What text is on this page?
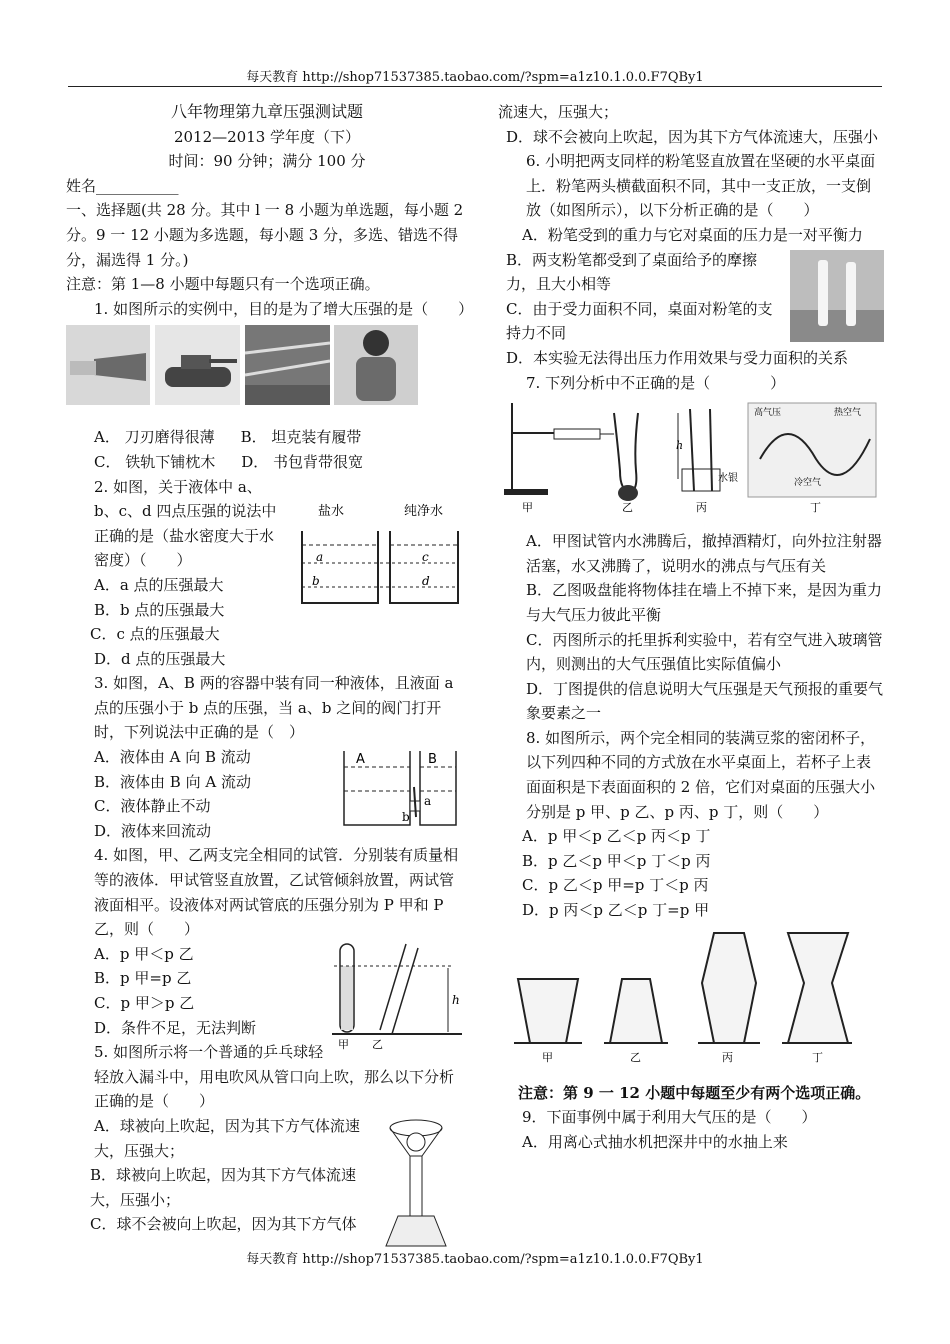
每天教育 http://shop71537385.taobao.com/?spm=a1z10.1.0.0.F7QBy1

八年物理第九章压强测试题

2012—2013 学年度（下）

时间：90 分钟；满分 100 分

姓名___________

一、选择题(共 28 分。其中 l 一 8 小题为单选题，每小题 2 分。9 一 12 小题为多选题，每小题 3 分，多选、错选不得分，漏选得 1 分。)

注意：第 1—8 小题中每题只有一个选项正确。

1. 如图所示的实例中，目的是为了增大压强的是（　　）

A． 刀刃磨得很薄 B． 坦克装有履带

C． 铁轨下铺枕木 D． 书包背带很宽

盐水	纯净水
a
b
c
d

2. 如图，关于液体中 a、b、c、d 四点压强的说法中正确的是（盐水密度大于水密度）（　　）

A．a 点的压强最大

B．b 点的压强最大

C．c 点的压强最大

D．d 点的压强最大

3. 如图，A、B 两的容器中装有同一种液体，且液面 a 点的压强小于 b 点的压强，当 a、b 之间的阀门打开时，下列说法中正确的是（　）

A	B
a
b

A．液体由 A 向 B 流动

B．液体由 B 向 A 流动

C．液体静止不动

D．液体来回流动

4. 如图，甲、乙两支完全相同的试管．分别装有质量相等的液体．甲试管竖直放置，乙试管倾斜放置，两试管液面相平。设液体对两试管底的压强分别为 P 甲和 P 乙，则（　　）

h
甲 乙

A．p 甲＜p 乙

B．p 甲=p 乙

C．p 甲＞p 乙

D．条件不足，无法判断

5. 如图所示将一个普通的乒乓球轻轻放入漏斗中，用电吹风从管口向上吹，那么以下分析正确的是（　　）

A．球被向上吹起，因为其下方气体流速大，压强大；

B．球被向上吹起，因为其下方气体流速大，压强小；

C．球不会被向上吹起，因为其下方气体

流速大，压强大；

D．球不会被向上吹起，因为其下方气体流速大，压强小

6. 小明把两支同样的粉笔竖直放置在坚硬的水平桌面上．粉笔两头横截面积不同，其中一支正放，一支倒放（如图所示），以下分析正确的是（　　）

A．粉笔受到的重力与它对桌面的压力是一对平衡力

B．两支粉笔都受到了桌面给予的摩擦力，且大小相等

C．由于受力面积不同，桌面对粉笔的支持力不同

D．本实验无法得出压力作用效果与受力面积的关系

7. 下列分析中不正确的是（　　　　）

h
水银
高气压	热空气
冷空气
甲	乙	丙	丁

A．甲图试管内水沸腾后，撤掉酒精灯，向外拉注射器活塞，水又沸腾了，说明水的沸点与气压有关

B．乙图吸盘能将物体挂在墙上不掉下来，是因为重力与大气压力彼此平衡

C．丙图所示的托里拆利实验中，若有空气进入玻璃管内，则测出的大气压强值比实际值偏小

D．丁图提供的信息说明大气压强是天气预报的重要气象要素之一

8. 如图所示，两个完全相同的装满豆浆的密闭杯子，以下列四种不同的方式放在水平桌面上，若杯子上表面面积是下表面面积的 2 倍，它们对桌面的压强大小分别是 p 甲、p 乙、p 丙、p 丁，则（　　）

A．p 甲＜p 乙＜p 丙＜p 丁

B．p 乙＜p 甲＜p 丁＜p 丙

C．p 乙＜p 甲=p 丁＜p 丙

D．p 丙＜p 乙＜p 丁=p 甲

甲	乙	丙	丁

注意：第 9 一 12 小题中每题至少有两个选项正确。

9．下面事例中属于利用大气压的是（　　）

A．用离心式抽水机把深井中的水抽上来

每天教育 http://shop71537385.taobao.com/?spm=a1z10.1.0.0.F7QBy1
